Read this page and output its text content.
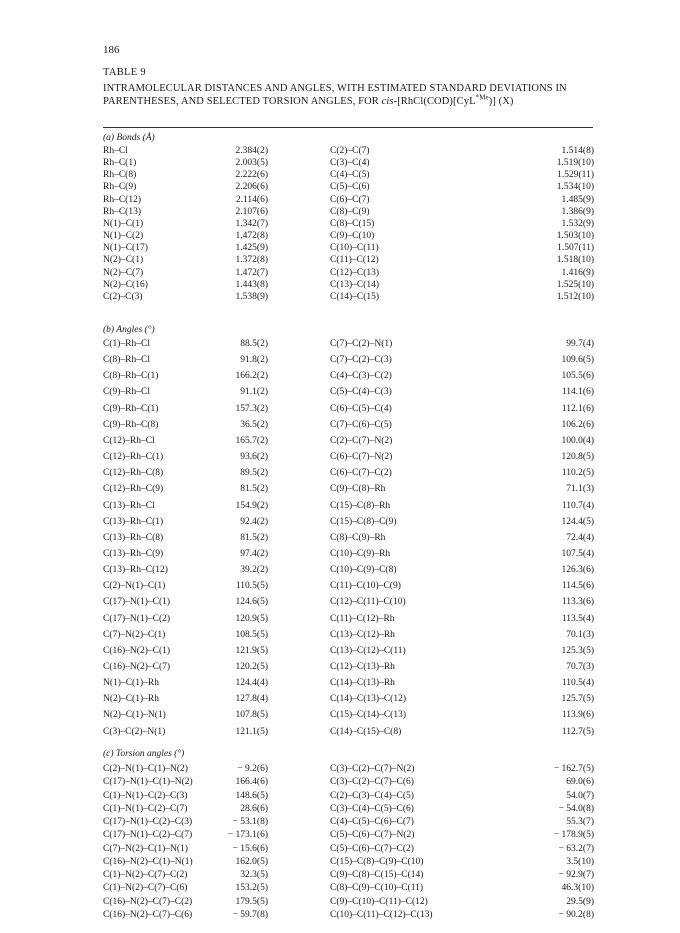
186
TABLE 9
INTRAMOLECULAR DISTANCES AND ANGLES, WITH ESTIMATED STANDARD DEVIATIONS IN PARENTHESES, AND SELECTED TORSION ANGLES, FOR cis-[RhCl(COD)[CyL$^{*Me}$)] (X)
(a) Bonds (Å)
Rh–Cl	2.384(2)	C(2)–C(7)	1.514(8)
Rh–C(1)	2.003(5)	C(3)–C(4)	1.519(10)
Rh–C(8)	2.222(6)	C(4)–C(5)	1.529(11)
Rh–C(9)	2.206(6)	C(5)–C(6)	1.534(10)
Rh–C(12)	2.114(6)	C(6)–C(7)	1.485(9)
Rh–C(13)	2.107(6)	C(8)–C(9)	1.386(9)
N(1)–C(1)	1.342(7)	C(8)–C(15)	1.532(9)
N(1)–C(2)	1.472(8)	C(9)–C(10)	1.503(10)
N(1)–C(17)	1.425(9)	C(10)–C(11)	1.507(11)
N(2)–C(1)	1.372(8)	C(11)–C(12)	1.518(10)
N(2)–C(7)	1.472(7)	C(12)–C(13)	1.416(9)
N(2)–C(16)	1.443(8)	C(13)–C(14)	1.525(10)
C(2)–C(3)	1.538(9)	C(14)–C(15)	1.512(10)
(b) Angles (°)
C(1)–Rh–Cl	88.5(2)	C(7)–C(2)–N(1)	99.7(4)
C(8)–Rh–Cl	91.8(2)	C(7)–C(2)–C(3)	109.6(5)
C(8)–Rh–C(1)	166.2(2)	C(4)–C(3)–C(2)	105.5(6)
C(9)–Rh–Cl	91.1(2)	C(5)–C(4)–C(3)	114.1(6)
C(9)–Rh–C(1)	157.3(2)	C(6)–C(5)–C(4)	112.1(6)
C(9)–Rh–C(8)	36.5(2)	C(7)–C(6)–C(5)	106.2(6)
C(12)–Rh–Cl	165.7(2)	C(2)–C(7)–N(2)	100.0(4)
C(12)–Rh–C(1)	93.6(2)	C(6)–C(7)–N(2)	120.8(5)
C(12)–Rh–C(8)	89.5(2)	C(6)–C(7)–C(2)	110.2(5)
C(12)–Rh–C(9)	81.5(2)	C(9)–C(8)–Rh	71.1(3)
C(13)–Rh–Cl	154.9(2)	C(15)–C(8)–Rh	110.7(4)
C(13)–Rh–C(1)	92.4(2)	C(15)–C(8)–C(9)	124.4(5)
C(13)–Rh–C(8)	81.5(2)	C(8)–C(9)–Rh	72.4(4)
C(13)–Rh–C(9)	97.4(2)	C(10)–C(9)–Rh	107.5(4)
C(13)–Rh–C(12)	39.2(2)	C(10)–C(9)–C(8)	126.3(6)
C(2)–N(1)–C(1)	110.5(5)	C(11)–C(10)–C(9)	114.5(6)
C(17)–N(1)–C(1)	124.6(5)	C(12)–C(11)–C(10)	113.3(6)
C(17)–N(1)–C(2)	120.9(5)	C(11)–C(12)–Rh	113.5(4)
C(7)–N(2)–C(1)	108.5(5)	C(13)–C(12)–Rh	70.1(3)
C(16)–N(2)–C(1)	121.9(5)	C(13)–C(12)–C(11)	125.3(5)
C(16)–N(2)–C(7)	120.2(5)	C(12)–C(13)–Rh	70.7(3)
N(1)–C(1)–Rh	124.4(4)	C(14)–C(13)–Rh	110.5(4)
N(2)–C(1)–Rh	127.8(4)	C(14)–C(13)–C(12)	125.7(5)
N(2)–C(1)–N(1)	107.8(5)	C(15)–C(14)–C(13)	113.9(6)
C(3)–C(2)–N(1)	121.1(5)	C(14)–C(15)–C(8)	112.7(5)
(c) Torsion angles (°)
C(2)–N(1)–C(1)–N(2)	− 9.2(6)	C(3)–C(2)–C(7)–N(2)	− 162.7(5)
C(17)–N(1)–C(1)–N(2)	166.4(6)	C(3)–C(2)–C(7)–C(6)	69.0(6)
C(1)–N(1)–C(2)–C(3)	148.6(5)	C(2)–C(3)–C(4)–C(5)	54.0(7)
C(1)–N(1)–C(2)–C(7)	28.6(6)	C(3)–C(4)–C(5)–C(6)	− 54.0(8)
C(17)–N(1)–C(2)–C(3)	− 53.1(8)	C(4)–C(5)–C(6)–C(7)	55.3(7)
C(17)–N(1)–C(2)–C(7)	− 173.1(6)	C(5)–C(6)–C(7)–N(2)	− 178.9(5)
C(7)–N(2)–C(1)–N(1)	− 15.6(6)	C(5)–C(6)–C(7)–C(2)	− 63.2(7)
C(16)–N(2)–C(1)–N(1)	162.0(5)	C(15)–C(8)–C(9)–C(10)	3.5(10)
C(1)–N(2)–C(7)–C(2)	32.3(5)	C(9)–C(8)–C(15)–C(14)	− 92.9(7)
C(1)–N(2)–C(7)–C(6)	153.2(5)	C(8)–C(9)–C(10)–C(11)	46.3(10)
C(16)–N(2)–C(7)–C(2)	179.5(5)	C(9)–C(10)–C(11)–C(12)	29.5(9)
C(16)–N(2)–C(7)–C(6)	− 59.7(8)	C(10)–C(11)–C(12)–C(13)	− 90.2(8)
